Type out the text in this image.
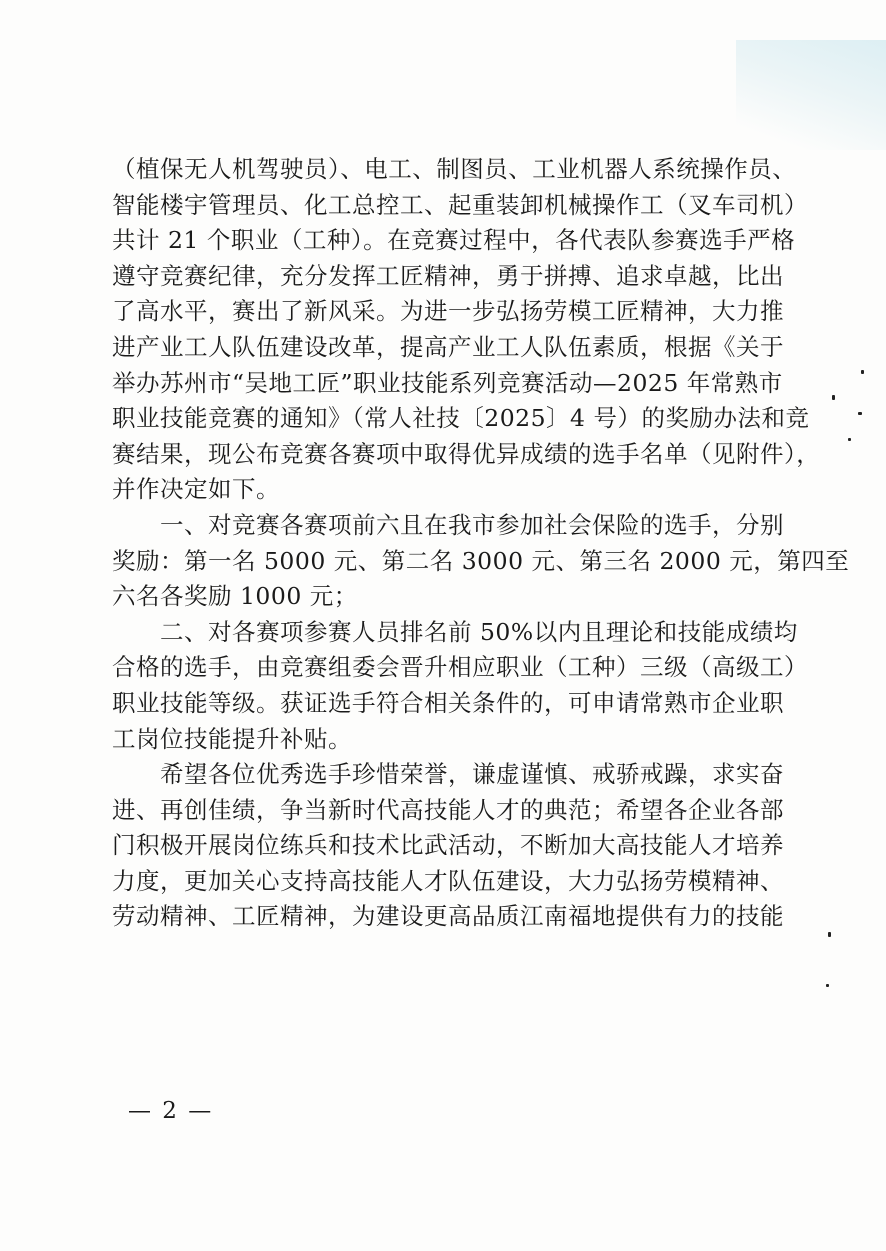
（植保无人机驾驶员）、电工、制图员、工业机器人系统操作员、
智能楼宇管理员、化工总控工、起重装卸机械操作工（叉车司机）
共计 21 个职业（工种）。在竞赛过程中，各代表队参赛选手严格
遵守竞赛纪律，充分发挥工匠精神，勇于拼搏、追求卓越，比出
了高水平，赛出了新风采。为进一步弘扬劳模工匠精神，大力推
进产业工人队伍建设改革，提高产业工人队伍素质，根据《关于
举办苏州市“吴地工匠”职业技能系列竞赛活动—2025 年常熟市
职业技能竞赛的通知》（常人社技〔2025〕4 号）的奖励办法和竞
赛结果，现公布竞赛各赛项中取得优异成绩的选手名单（见附件），
并作决定如下。

一、对竞赛各赛项前六且在我市参加社会保险的选手，分别
奖励：第一名 5000 元、第二名 3000 元、第三名 2000 元，第四至
六名各奖励 1000 元；

二、对各赛项参赛人员排名前 50%以内且理论和技能成绩均
合格的选手，由竞赛组委会晋升相应职业（工种）三级（高级工）
职业技能等级。获证选手符合相关条件的，可申请常熟市企业职
工岗位技能提升补贴。

希望各位优秀选手珍惜荣誉，谦虚谨慎、戒骄戒躁，求实奋
进、再创佳绩，争当新时代高技能人才的典范；希望各企业各部
门积极开展岗位练兵和技术比武活动，不断加大高技能人才培养
力度，更加关心支持高技能人才队伍建设，大力弘扬劳模精神、
劳动精神、工匠精神，为建设更高品质江南福地提供有力的技能

— 2 —
